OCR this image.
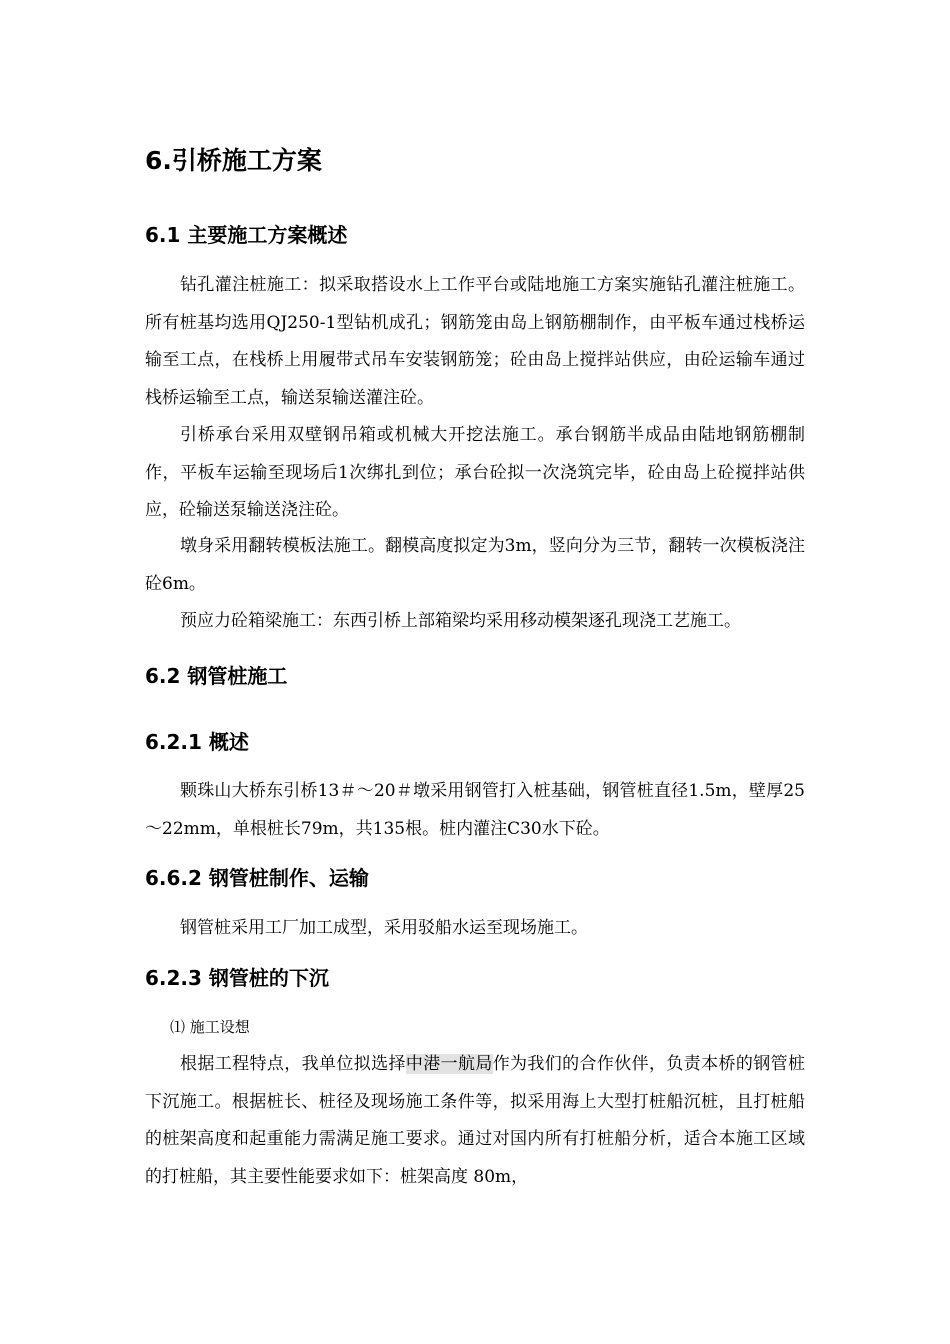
6.引桥施工方案
6.1 主要施工方案概述

钻孔灌注桩施工：拟采取搭设水上工作平台或陆地施工方案实施钻孔灌注桩施工。所有桩基均选用QJ250-1型钻机成孔；钢筋笼由岛上钢筋棚制作，由平板车通过栈桥运输至工点，在栈桥上用履带式吊车安装钢筋笼；砼由岛上搅拌站供应，由砼运输车通过栈桥运输至工点，输送泵输送灌注砼。

引桥承台采用双壁钢吊箱或机械大开挖法施工。承台钢筋半成品由陆地钢筋棚制作，平板车运输至现场后1次绑扎到位；承台砼拟一次浇筑完毕，砼由岛上砼搅拌站供应，砼输送泵输送浇注砼。

墩身采用翻转模板法施工。翻模高度拟定为3m，竖向分为三节，翻转一次模板浇注砼6m。

预应力砼箱梁施工：东西引桥上部箱梁均采用移动模架逐孔现浇工艺施工。

6.2 钢管桩施工
6.2.1 概述

颗珠山大桥东引桥13＃～20＃墩采用钢管打入桩基础，钢管桩直径1.5m，壁厚25～22mm，单根桩长79m，共135根。桩内灌注C30水下砼。

6.6.2 钢管桩制作、运输

钢管桩采用工厂加工成型，采用驳船水运至现场施工。

6.2.3 钢管桩的下沉
⑴ 施工设想

根据工程特点，我单位拟选择中港一航局作为我们的合作伙伴，负责本桥的钢管桩下沉施工。根据桩长、桩径及现场施工条件等，拟采用海上大型打桩船沉桩，且打桩船的桩架高度和起重能力需满足施工要求。通过对国内所有打桩船分析，适合本施工区域的打桩船，其主要性能要求如下：桩架高度 80m，
